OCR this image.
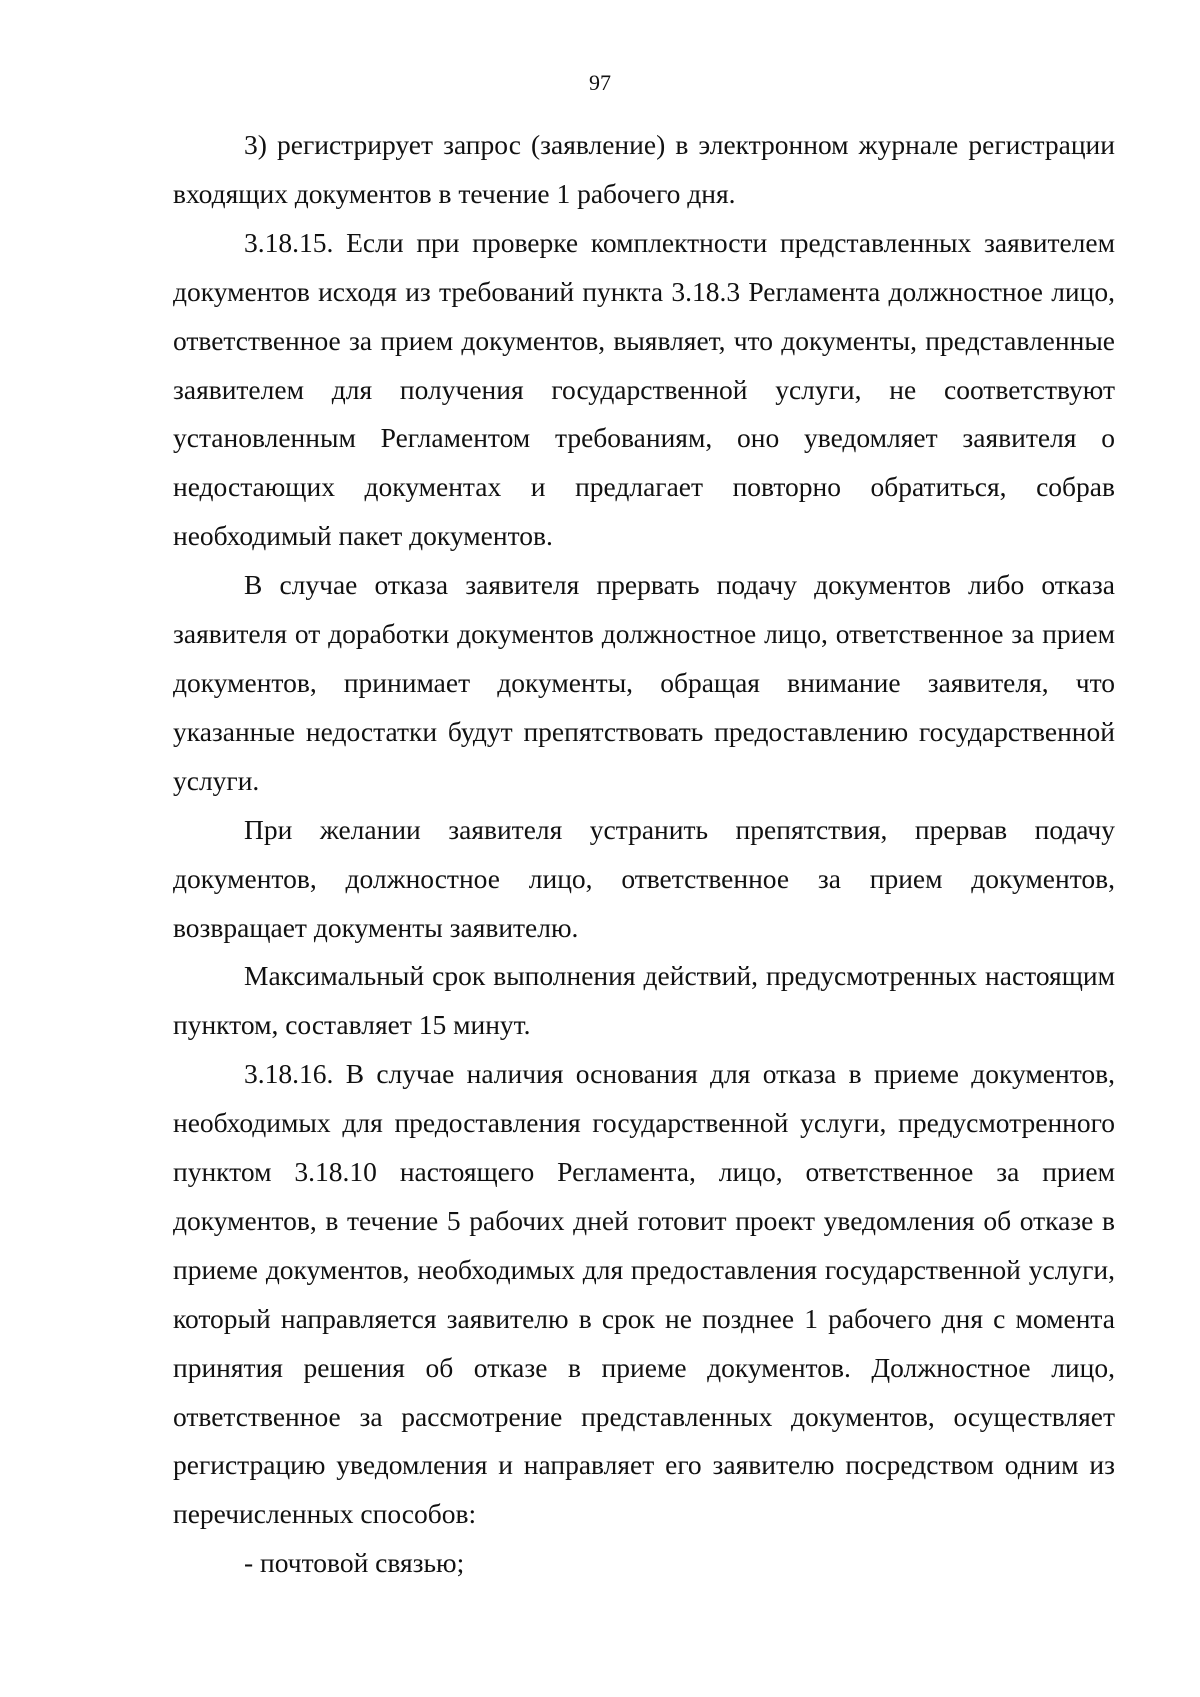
97

3) регистрирует запрос (заявление) в электронном журнале регистрации входящих документов в течение 1 рабочего дня.

3.18.15. Если при проверке комплектности представленных заявителем документов исходя из требований пункта 3.18.3 Регламента должностное лицо, ответственное за прием документов, выявляет, что документы, представленные заявителем для получения государственной услуги, не соответствуют установленным Регламентом требованиям, оно уведомляет заявителя о недостающих документах и предлагает повторно обратиться, собрав необходимый пакет документов.

В случае отказа заявителя прервать подачу документов либо отказа заявителя от доработки документов должностное лицо, ответственное за прием документов, принимает документы, обращая внимание заявителя, что указанные недостатки будут препятствовать предоставлению государственной услуги.

При желании заявителя устранить препятствия, прервав подачу документов, должностное лицо, ответственное за прием документов, возвращает документы заявителю.

Максимальный срок выполнения действий, предусмотренных настоящим пунктом, составляет 15 минут.

3.18.16. В случае наличия основания для отказа в приеме документов, необходимых для предоставления государственной услуги, предусмотренного пунктом 3.18.10 настоящего Регламента, лицо, ответственное за прием документов, в течение 5 рабочих дней готовит проект уведомления об отказе в приеме документов, необходимых для предоставления государственной услуги, который направляется заявителю в срок не позднее 1 рабочего дня с момента принятия решения об отказе в приеме документов. Должностное лицо, ответственное за рассмотрение представленных документов, осуществляет регистрацию уведомления и направляет его заявителю посредством одним из перечисленных способов:

- почтовой связью;
